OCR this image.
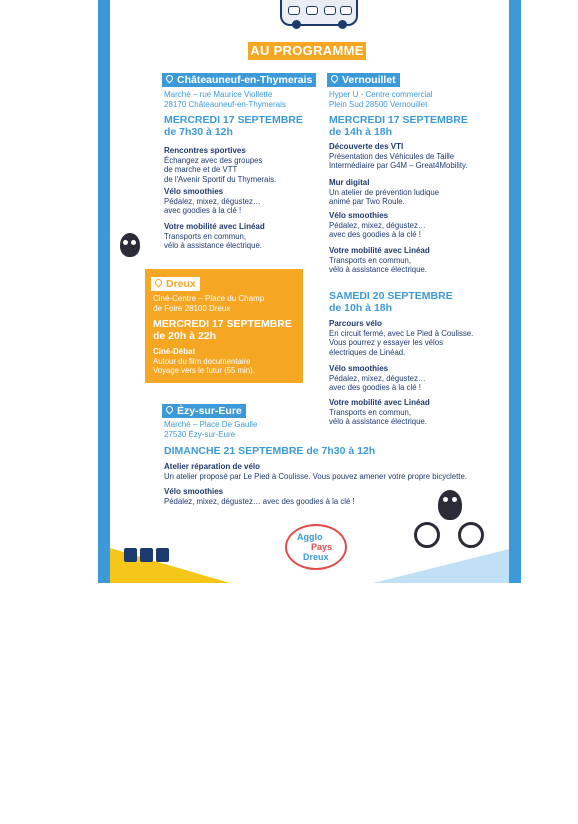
AU PROGRAMME
Châteauneuf-en-Thymerais
Marché – rue Maurice Viollette
28170 Châteauneuf-en-Thymerais
MERCREDI 17 SEPTEMBRE
de 7h30 à 12h
Rencontres sportives
Échangez avec des groupes
de marche et de VTT
de l'Avenir Sportif du Thymerais.
Vélo smoothies
Pédalez, mixez, dégustez…
avec goodies à la clé !
Votre mobilité avec Linéad
Transports en commun,
vélo à assistance électrique.
Vernouillet
Hyper U - Centre commercial
Plein Sud 28500 Vernouillet
MERCREDI 17 SEPTEMBRE
de 14h à 18h
Découverte des VTI
Présentation des Véhicules de Taille
Intermédiaire par G4M – Great4Mobility.
Mur digital
Un atelier de prévention ludique
animé par Two Roule.
Vélo smoothies
Pédalez, mixez, dégustez…
avec des goodies à la clé !
Votre mobilité avec Linéad
Transports en commun,
vélo à assistance électrique.
SAMEDI 20 SEPTEMBRE
de 10h à 18h
Parcours vélo
En circuit fermé, avec Le Pied à Coulisse.
Vous pourrez y essayer les vélos
électriques de Linéad.
Vélo smoothies
Pédalez, mixez, dégustez…
avec des goodies à la clé !
Votre mobilité avec Linéad
Transports en commun,
vélo à assistance électrique.
Dreux
Ciné-Centre – Place du Champ
de Foire 28100 Dreux
MERCREDI 17 SEPTEMBRE
de 20h à 22h
Ciné-Débat
Autour du film documentaire
Voyage vers le futur (55 min).
Ézy-sur-Eure
Marché – Place De Gaulle
27530 Ézy-sur-Eure
DIMANCHE 21 SEPTEMBRE de 7h30 à 12h
Atelier réparation de vélo
Un atelier proposé par Le Pied à Coulisse. Vous pouvez amener votre propre bicyclette.
Vélo smoothies
Pédalez, mixez, dégustez… avec des goodies à la clé !
Agglo
Pays
Dreux
